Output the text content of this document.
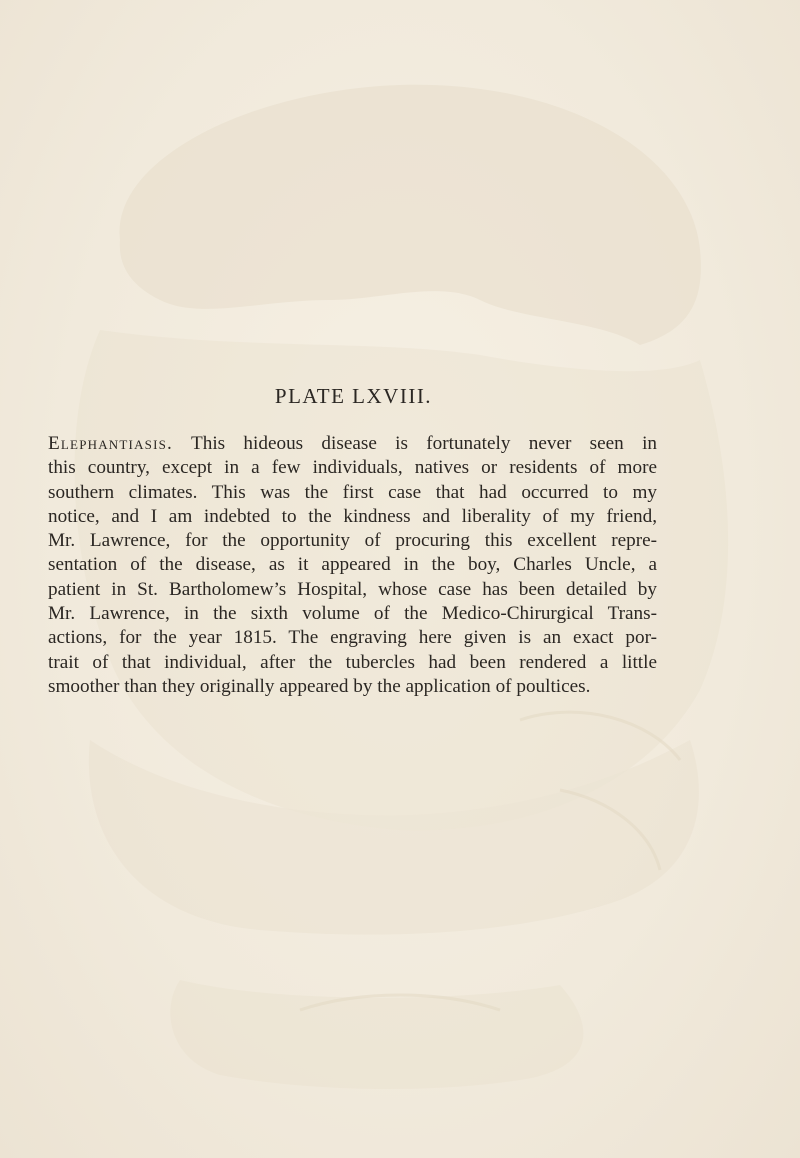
PLATE LXVIII.
Elephantiasis. This hideous disease is fortunately never seen in
this country, except in a few individuals, natives or residents of more
southern climates. This was the first case that had occurred to my
notice, and I am indebted to the kindness and liberality of my friend,
Mr. Lawrence, for the opportunity of procuring this excellent repre-
sentation of the disease, as it appeared in the boy, Charles Uncle, a
patient in St. Bartholomew’s Hospital, whose case has been detailed by
Mr. Lawrence, in the sixth volume of the Medico-Chirurgical Trans-
actions, for the year 1815. The engraving here given is an exact por-
trait of that individual, after the tubercles had been rendered a little
smoother than they originally appeared by the application of poultices.
